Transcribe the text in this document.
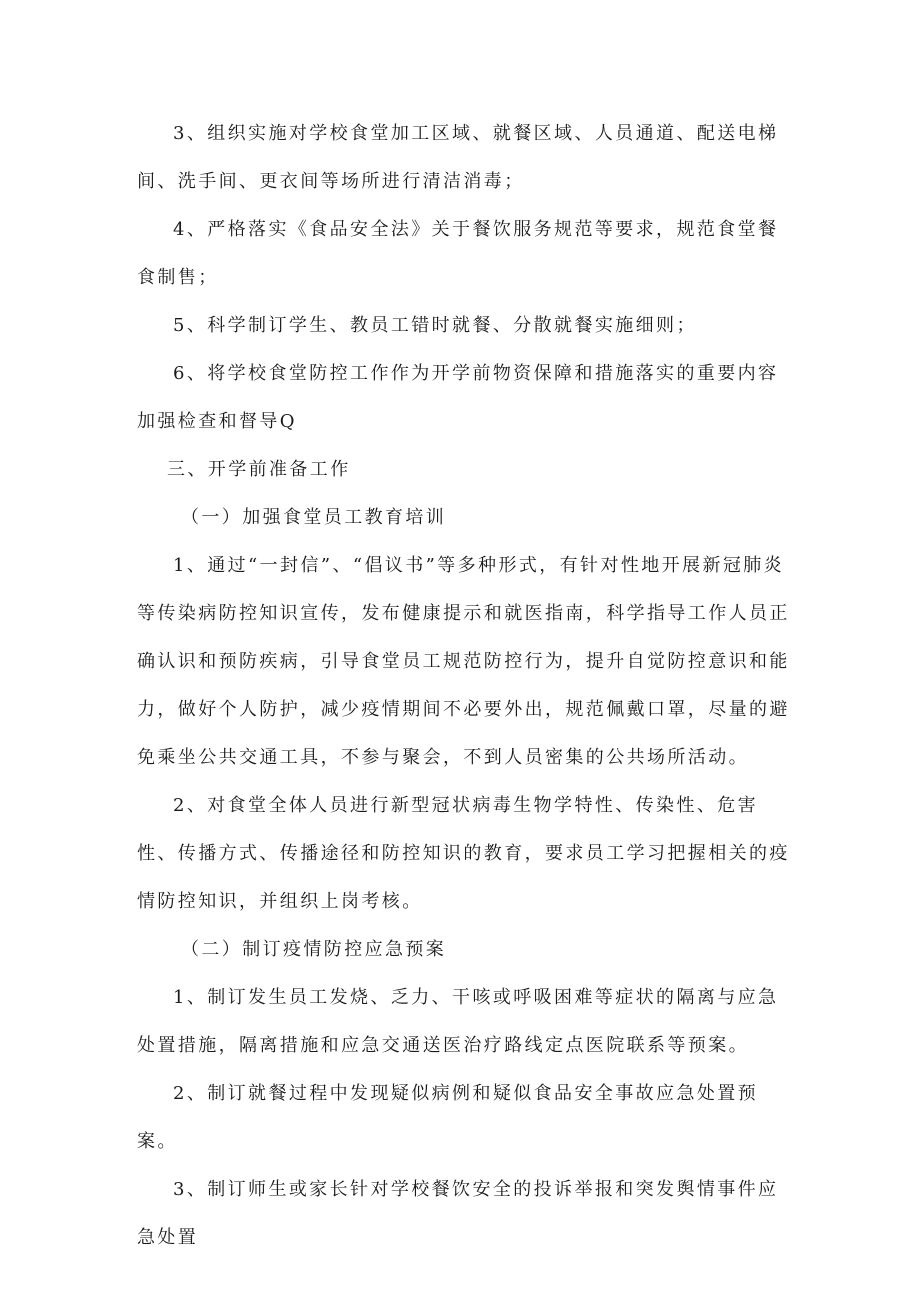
3、组织实施对学校食堂加工区域、就餐区域、人员通道、配送电梯间、洗手间、更衣间等场所进行清洁消毒；

4、严格落实《食品安全法》关于餐饮服务规范等要求，规范食堂餐食制售；

5、科学制订学生、教员工错时就餐、分散就餐实施细则；

6、将学校食堂防控工作作为开学前物资保障和措施落实的重要内容加强检查和督导Q

三、开学前准备工作

（一）加强食堂员工教育培训

1、通过“一封信”、“倡议书”等多种形式，有针对性地开展新冠肺炎等传染病防控知识宣传，发布健康提示和就医指南，科学指导工作人员正确认识和预防疾病，引导食堂员工规范防控行为，提升自觉防控意识和能力，做好个人防护，减少疫情期间不必要外出，规范佩戴口罩，尽量的避免乘坐公共交通工具，不参与聚会，不到人员密集的公共场所活动。

2、对食堂全体人员进行新型冠状病毒生物学特性、传染性、危害性、传播方式、传播途径和防控知识的教育，要求员工学习把握相关的疫情防控知识，并组织上岗考核。

（二）制订疫情防控应急预案

1、制订发生员工发烧、乏力、干咳或呼吸困难等症状的隔离与应急处置措施，隔离措施和应急交通送医治疗路线定点医院联系等预案。

2、制订就餐过程中发现疑似病例和疑似食品安全事故应急处置预案。

3、制订师生或家长针对学校餐饮安全的投诉举报和突发舆情事件应急处置
